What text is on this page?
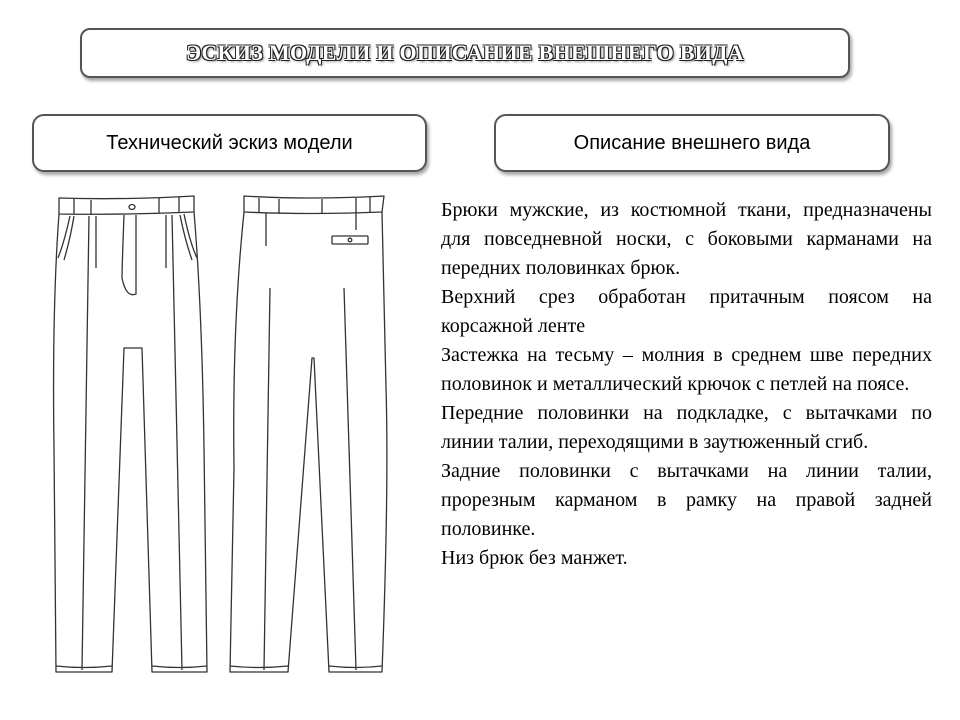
ЭСКИЗ МОДЕЛИ И ОПИСАНИЕ ВНЕШНЕГО ВИДА
Технический эскиз модели	Описание внешнего вида

Брюки мужские, из костюмной ткани, предназначены для повседневной носки, с боковыми карманами на передних половинках брюк.

Верхний срез обработан притачным поясом на корсажной ленте

Застежка на тесьму – молния в среднем шве передних половинок и металлический крючок с петлей на поясе.

Передние половинки на подкладке, с вытачками по линии талии, переходящими в заутюженный сгиб.

Задние половинки с вытачками на линии талии, прорезным карманом в рамку на правой задней половинке.

Низ брюк без манжет.
